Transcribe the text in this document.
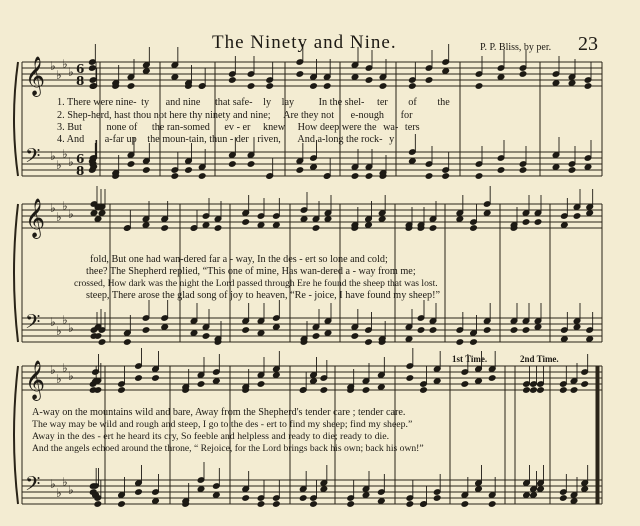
The Ninety and Nine.	P. P. Bliss, by per. 23
𝄞 ♭
♭
♭
♭
𝄢 ♭
♭
♭
♭
𝄞 ♭
♭
♭
♭
𝄢 ♭
♭
♭
♭
𝄞 ♭
♭
♭
♭
𝄢 ♭
♭
♭
♭
6
8
6
8
1. There were nine- ty and nine that safe- ly lay In the shel- ter of the
2. Shep-herd, hast thou not here thy ninety and nine; Are they not e-nough for
3. But none of the ran-somed ev - er knew How deep were the wa- ters
4. And a-far up the moun-tain, thun - der riven, And a-long the rock- y
fold, But one had wan-dered far a - way, In the des - ert so lone and cold;
thee? The Shepherd replied, “This one of mine, Has wan-dered a - way from me;
crossed, How dark was the night the Lord passed through Ere he found the sheep that was lost.
steep, There arose the glad song of joy to heaven, “Re - joice, I have found my sheep!”
1st Time.	2nd Time.
A-way on the mountains wild and bare, Away from the Shepherd's tender care ; tender care.
The way may be wild and rough and steep, I go to the des - ert to find my sheep; find my sheep.”
Away in the des - ert he heard its cry, So feeble and helpless and ready to die; ready to die.
And the angels echoed around the throne, “ Rejoice, for the Lord brings back his own; back his own!”
